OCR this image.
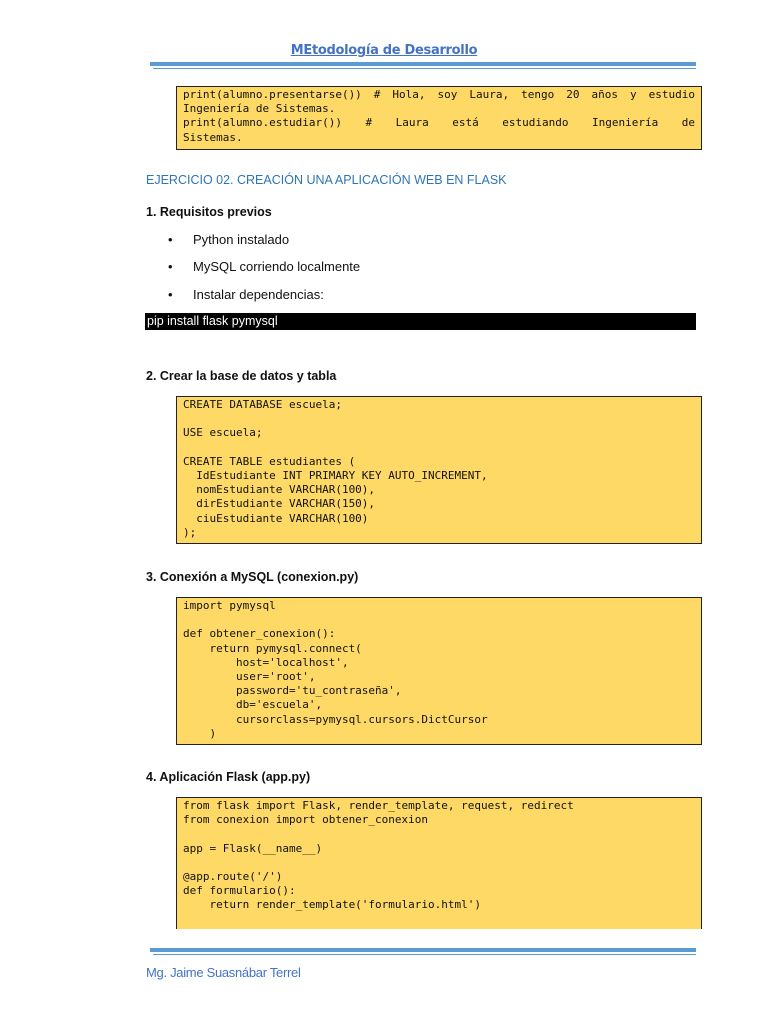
MEtodología de Desarrollo
print(alumno.presentarse()) # Hola, soy Laura, tengo 20 años y estudio
Ingeniería de Sistemas.
print(alumno.estudiar()) # Laura está estudiando Ingeniería de
Sistemas.
EJERCICIO 02. CREACIÓN UNA APLICACIÓN WEB EN FLASK
1. Requisitos previos
• Python instalado
• MySQL corriendo localmente
• Instalar dependencias:
pip install flask pymysql
2. Crear la base de datos y tabla
CREATE DATABASE escuela;

USE escuela;

CREATE TABLE estudiantes (
IdEstudiante INT PRIMARY KEY AUTO_INCREMENT,
nomEstudiante VARCHAR(100),
dirEstudiante VARCHAR(150),
ciuEstudiante VARCHAR(100)
);
3. Conexión a MySQL (conexion.py)
import pymysql

def obtener_conexion():
return pymysql.connect(
host='localhost',
user='root',
password='tu_contraseña',
db='escuela',
cursorclass=pymysql.cursors.DictCursor
)
4. Aplicación Flask (app.py)
from flask import Flask, render_template, request, redirect
from conexion import obtener_conexion

app = Flask(__name__)

@app.route('/')
def formulario():
return render_template('formulario.html')
Mg. Jaime Suasnábar Terrel
